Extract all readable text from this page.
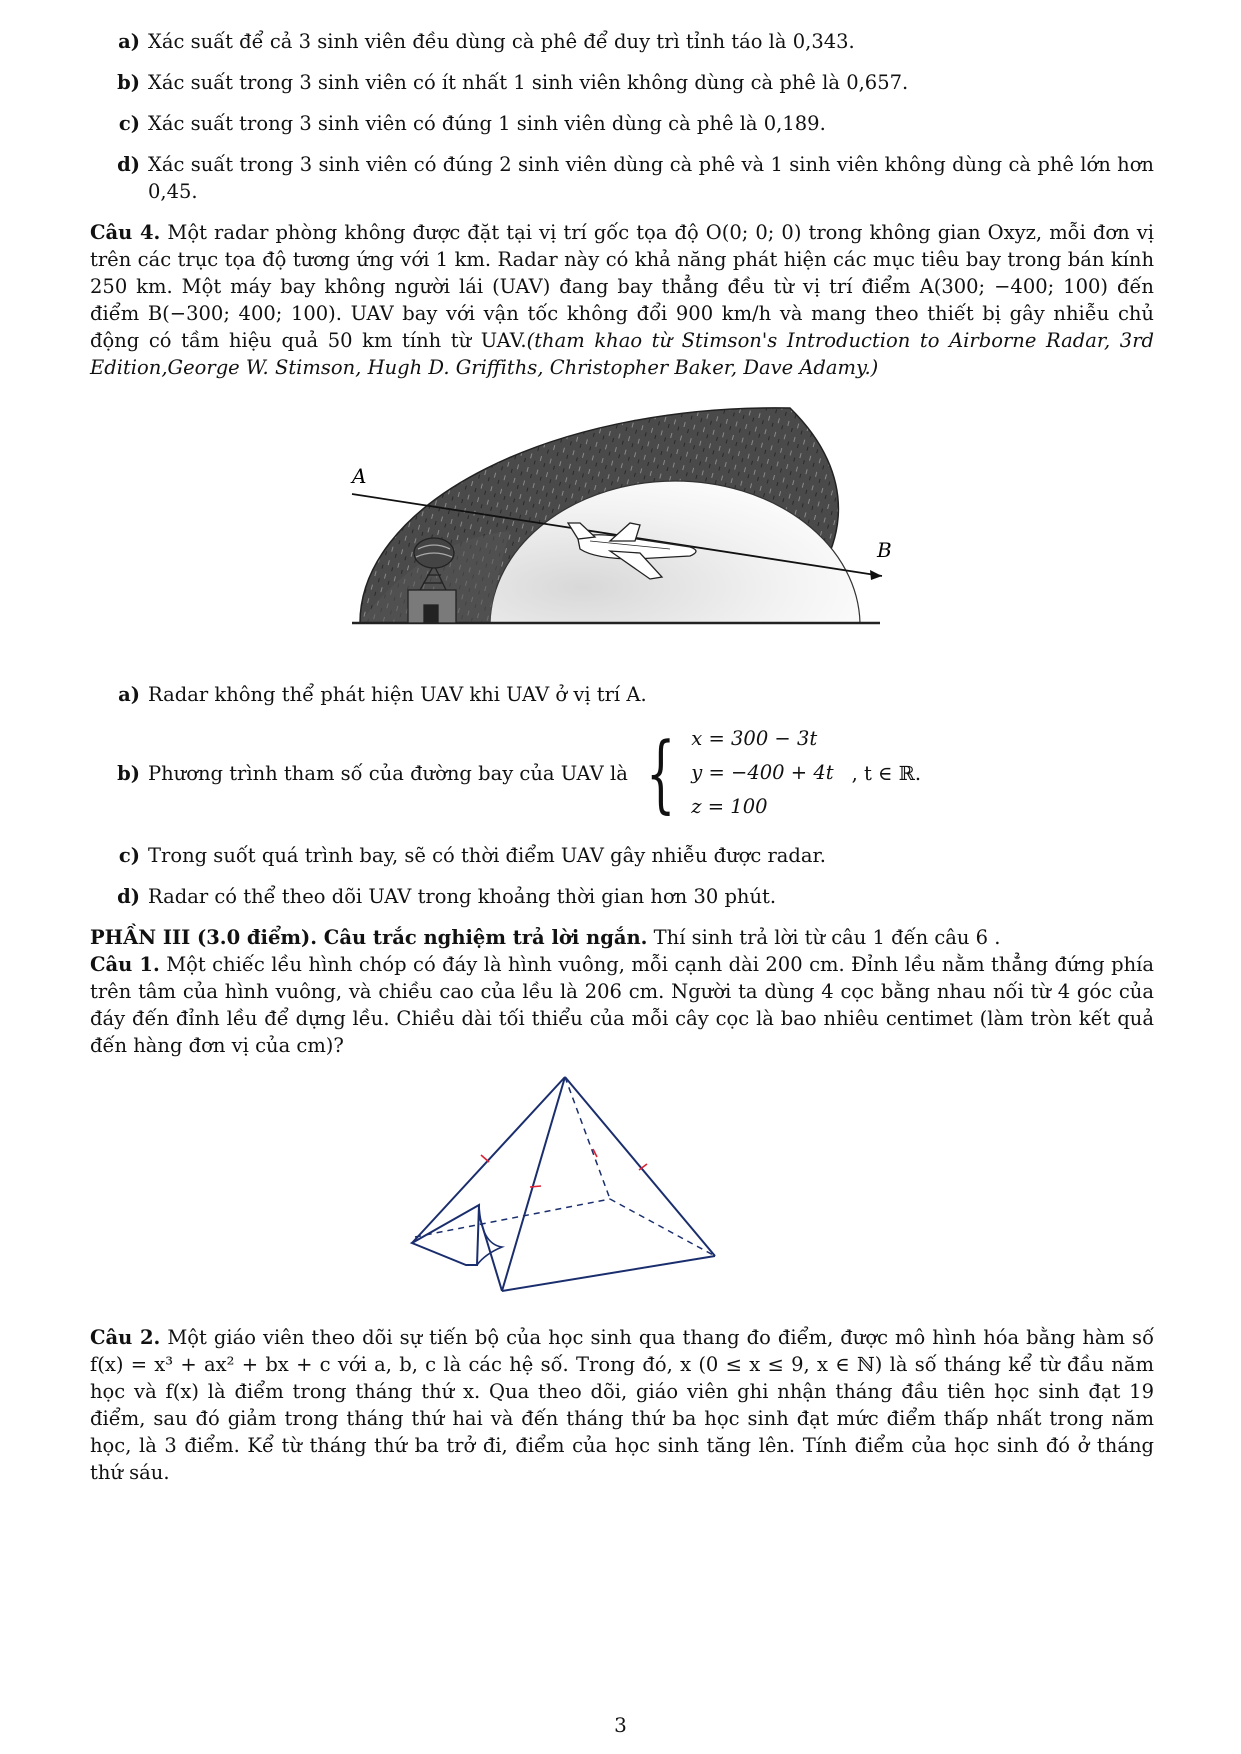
a) Xác suất để cả 3 sinh viên đều dùng cà phê để duy trì tỉnh táo là 0,343.
b) Xác suất trong 3 sinh viên có ít nhất 1 sinh viên không dùng cà phê là 0,657.
c) Xác suất trong 3 sinh viên có đúng 1 sinh viên dùng cà phê là 0,189.
d) Xác suất trong 3 sinh viên có đúng 2 sinh viên dùng cà phê và 1 sinh viên không dùng cà phê lớn hơn 0,45.
Câu 4. Một radar phòng không được đặt tại vị trí gốc tọa độ O(0; 0; 0) trong không gian Oxyz, mỗi đơn vị trên các trục tọa độ tương ứng với 1 km. Radar này có khả năng phát hiện các mục tiêu bay trong bán kính 250 km. Một máy bay không người lái (UAV) đang bay thẳng đều từ vị trí điểm A(300; −400; 100) đến điểm B(−300; 400; 100). UAV bay với vận tốc không đổi 900 km/h và mang theo thiết bị gây nhiễu chủ động có tầm hiệu quả 50 km tính từ UAV.(tham khao từ Stimson's Introduction to Airborne Radar, 3rd Edition,George W. Stimson, Hugh D. Griffiths, Christopher Baker, Dave Adamy.)
A
B
a) Radar không thể phát hiện UAV khi UAV ở vị trí A.
b) Phương trình tham số của đường bay của UAV là { x = 300 − 3t
y = −400 + 4t
z = 100
, t ∈ ℝ.
c) Trong suốt quá trình bay, sẽ có thời điểm UAV gây nhiễu được radar.
d) Radar có thể theo dõi UAV trong khoảng thời gian hơn 30 phút.
PHẦN III (3.0 điểm). Câu trắc nghiệm trả lời ngắn. Thí sinh trả lời từ câu 1 đến câu 6 .
Câu 1. Một chiếc lều hình chóp có đáy là hình vuông, mỗi cạnh dài 200 cm. Đỉnh lều nằm thẳng đứng phía trên tâm của hình vuông, và chiều cao của lều là 206 cm. Người ta dùng 4 cọc bằng nhau nối từ 4 góc của đáy đến đỉnh lều để dựng lều. Chiều dài tối thiểu của mỗi cây cọc là bao nhiêu centimet (làm tròn kết quả đến hàng đơn vị của cm)?
Câu 2. Một giáo viên theo dõi sự tiến bộ của học sinh qua thang đo điểm, được mô hình hóa bằng hàm số f(x) = x³ + ax² + bx + c với a, b, c là các hệ số. Trong đó, x (0 ≤ x ≤ 9, x ∈ ℕ) là số tháng kể từ đầu năm học và f(x) là điểm trong tháng thứ x. Qua theo dõi, giáo viên ghi nhận tháng đầu tiên học sinh đạt 19 điểm, sau đó giảm trong tháng thứ hai và đến tháng thứ ba học sinh đạt mức điểm thấp nhất trong năm học, là 3 điểm. Kể từ tháng thứ ba trở đi, điểm của học sinh tăng lên. Tính điểm của học sinh đó ở tháng thứ sáu.
3
